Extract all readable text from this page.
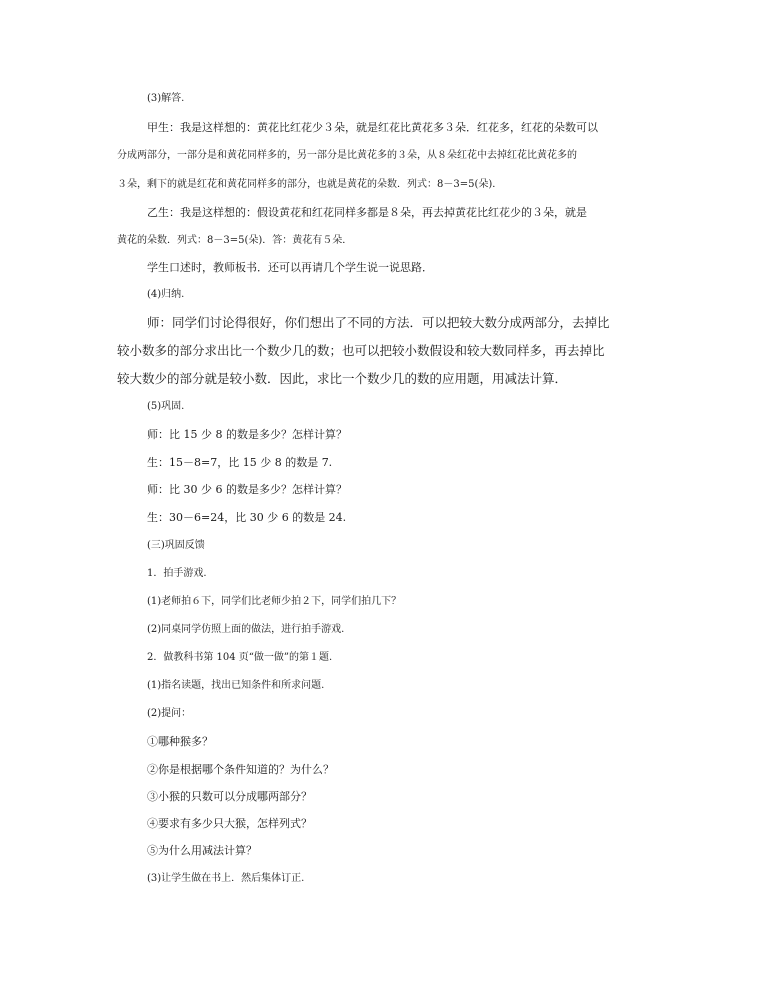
(3)解答.
甲生：我是这样想的：黄花比红花少３朵，就是红花比黄花多３朵．红花多，红花的朵数可以
分成两部分，一部分是和黄花同样多的，另一部分是比黄花多的３朵，从８朵红花中去掉红花比黄花多的
３朵，剩下的就是红花和黄花同样多的部分，也就是黄花的朵数．列式：8－3=5(朵)．
乙生：我是这样想的：假设黄花和红花同样多都是８朵，再去掉黄花比红花少的３朵，就是
黄花的朵数．列式：8－3=5(朵)．答：黄花有５朵．
学生口述时，教师板书．还可以再请几个学生说一说思路．
(4)归纳.
师：同学们讨论得很好，你们想出了不同的方法．可以把较大数分成两部分，去掉比
较小数多的部分求出比一个数少几的数；也可以把较小数假设和较大数同样多，再去掉比
较大数少的部分就是较小数．因此，求比一个数少几的数的应用题，用减法计算．
(5)巩固.
师：比 15 少 8 的数是多少？怎样计算？
生：15－8=7，比 15 少 8 的数是 7.
师：比 30 少 6 的数是多少？怎样计算？
生：30－6=24，比 30 少 6 的数是 24.
(三)巩固反馈
1．拍手游戏.
(1)老师拍６下，同学们比老师少拍２下，同学们拍几下？
(2)同桌同学仿照上面的做法，进行拍手游戏.
2．做教科书第 104 页“做一做”的第１题.
(1)指名读题，找出已知条件和所求问题.
(2)提问：
①哪种猴多？
②你是根据哪个条件知道的？为什么？
③小猴的只数可以分成哪两部分？
④要求有多少只大猴，怎样列式？
⑤为什么用减法计算？
(3)让学生做在书上．然后集体订正.
